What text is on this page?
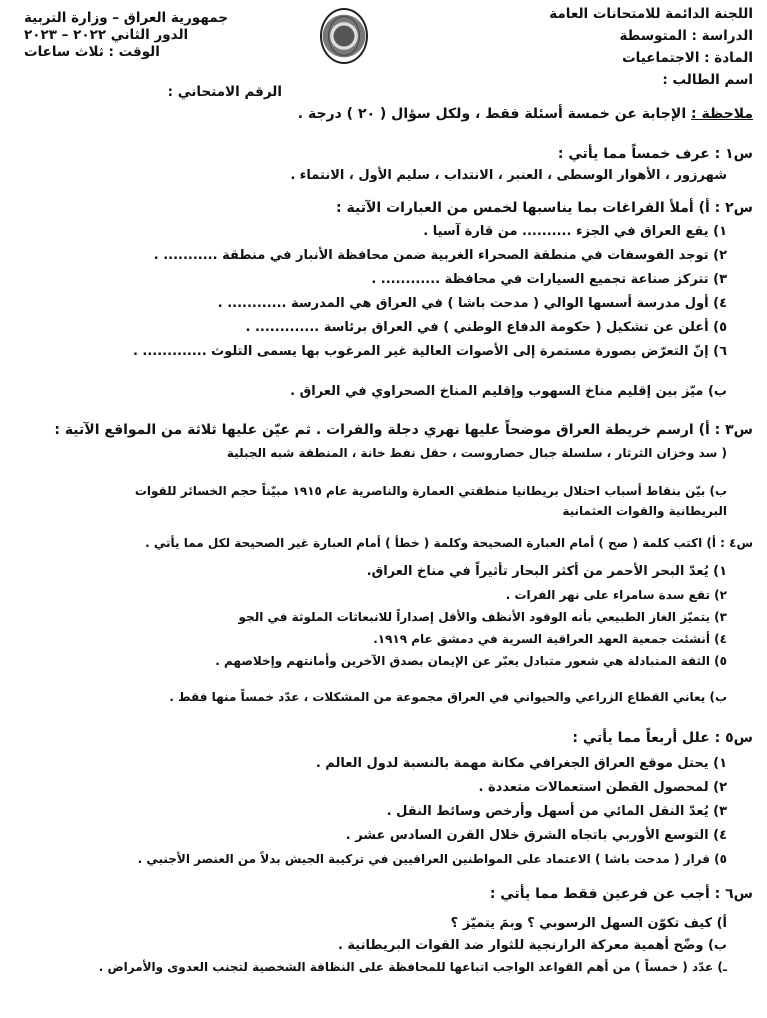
اللجنة الدائمة للامتحانات العامة
الدراسة : المتوسطة
المادة : الاجتماعيات
اسم الطالب :
جمهورية العراق – وزارة التربية
الدور الثاني ٢٠٢٢ – ٢٠٢٣
الوقت : ثلاث ساعات
الرقم الامتحاني :
ملاحظة : الإجابة عن خمسة أسئلة فقط ، ولكل سؤال ( ٢٠ ) درجة .
س١ : عرف خمساً مما يأتي :
شهرزور ، الأهوار الوسطى ، العنبر ، الانتداب ، سليم الأول ، الانتماء .
س٢ : أ) أملأ الفراغات بما يناسبها لخمس من العبارات الآتية :
١) يقع العراق في الجزء .......... من قارة آسيا .
٢) توجد الفوسفات في منطقة الصحراء الغربية ضمن محافظة الأنبار في منطقة ........... .
٣) تتركز صناعة تجميع السيارات في محافظة ............ .
٤) أول مدرسة أسسها الوالي ( مدحت باشا ) في العراق هي المدرسة ............ .
٥) أعلن عن تشكيل ( حكومة الدفاع الوطني ) في العراق برئاسة ............. .
٦) إنّ التعرّض بصورة مستمرة إلى الأصوات العالية غير المرغوب بها يسمى التلوث ............. .
ب) ميّز بين إقليم مناخ السهوب وإقليم المناخ الصحراوي في العراق .
س٣ : أ) ارسم خريطة العراق موضحاً عليها نهري دجلة والفرات . ثم عيّن عليها ثلاثة من المواقع الآتية :
( سد وخزان الثرثار ، سلسلة جبال حصاروست ، حقل نفط خانة ، المنطقة شبه الجبلية
ب) بيّن بنقاط أسباب احتلال بريطانيا منطقتي العمارة والناصرية عام ١٩١٥ مبيّناً حجم الخسائر للقوات
البريطانية والقوات العثمانية
س٤ : أ) اكتب كلمة ( صح ) أمام العبارة الصحيحة وكلمة ( خطأ ) أمام العبارة غير الصحيحة لكل مما يأتي .
١) يُعدّ البحر الأحمر من أكثر البحار تأثيراً في مناخ العراق.
٢) تقع سدة سامراء على نهر الفرات .
٣) يتميّز الغاز الطبيعي بأنه الوقود الأنظف والأقل إصداراً للانبعاثات الملوثة في الجو
٤) أنشئت جمعية العهد العراقية السرية في دمشق عام ١٩١٩.
٥) الثقة المتبادلة هي شعور متبادل يعبّر عن الإيمان بصدق الآخرين وأمانتهم وإخلاصهم .
ب) يعاني القطاع الزراعي والحيواني في العراق مجموعة من المشكلات ، عدّد خمساً منها فقط .
س٥ : علل أربعاً مما يأتي :
١) يحتل موقع العراق الجغرافي مكانة مهمة بالنسبة لدول العالم .
٢) لمحصول القطن استعمالات متعددة .
٣) يُعدّ النقل المائي من أسهل وأرخص وسائط النقل .
٤) التوسع الأوربي باتجاه الشرق خلال القرن السادس عشر .
٥) قرار ( مدحت باشا ) الاعتماد على المواطنين العراقيين في تركيبة الجيش بدلاً من العنصر الأجنبي .
س٦ : أجب عن فرعين فقط مما يأتي :
أ) كيف تكوّن السهل الرسوبي ؟ وبمَ يتميّز ؟
ب) وضّح أهمية معركة الرارنجية للثوار ضد القوات البريطانية .
ـ) عدّد ( خمساً ) من أهم القواعد الواجب اتباعها للمحافظة على النظافة الشخصية لتجنب العدوى والأمراض .
